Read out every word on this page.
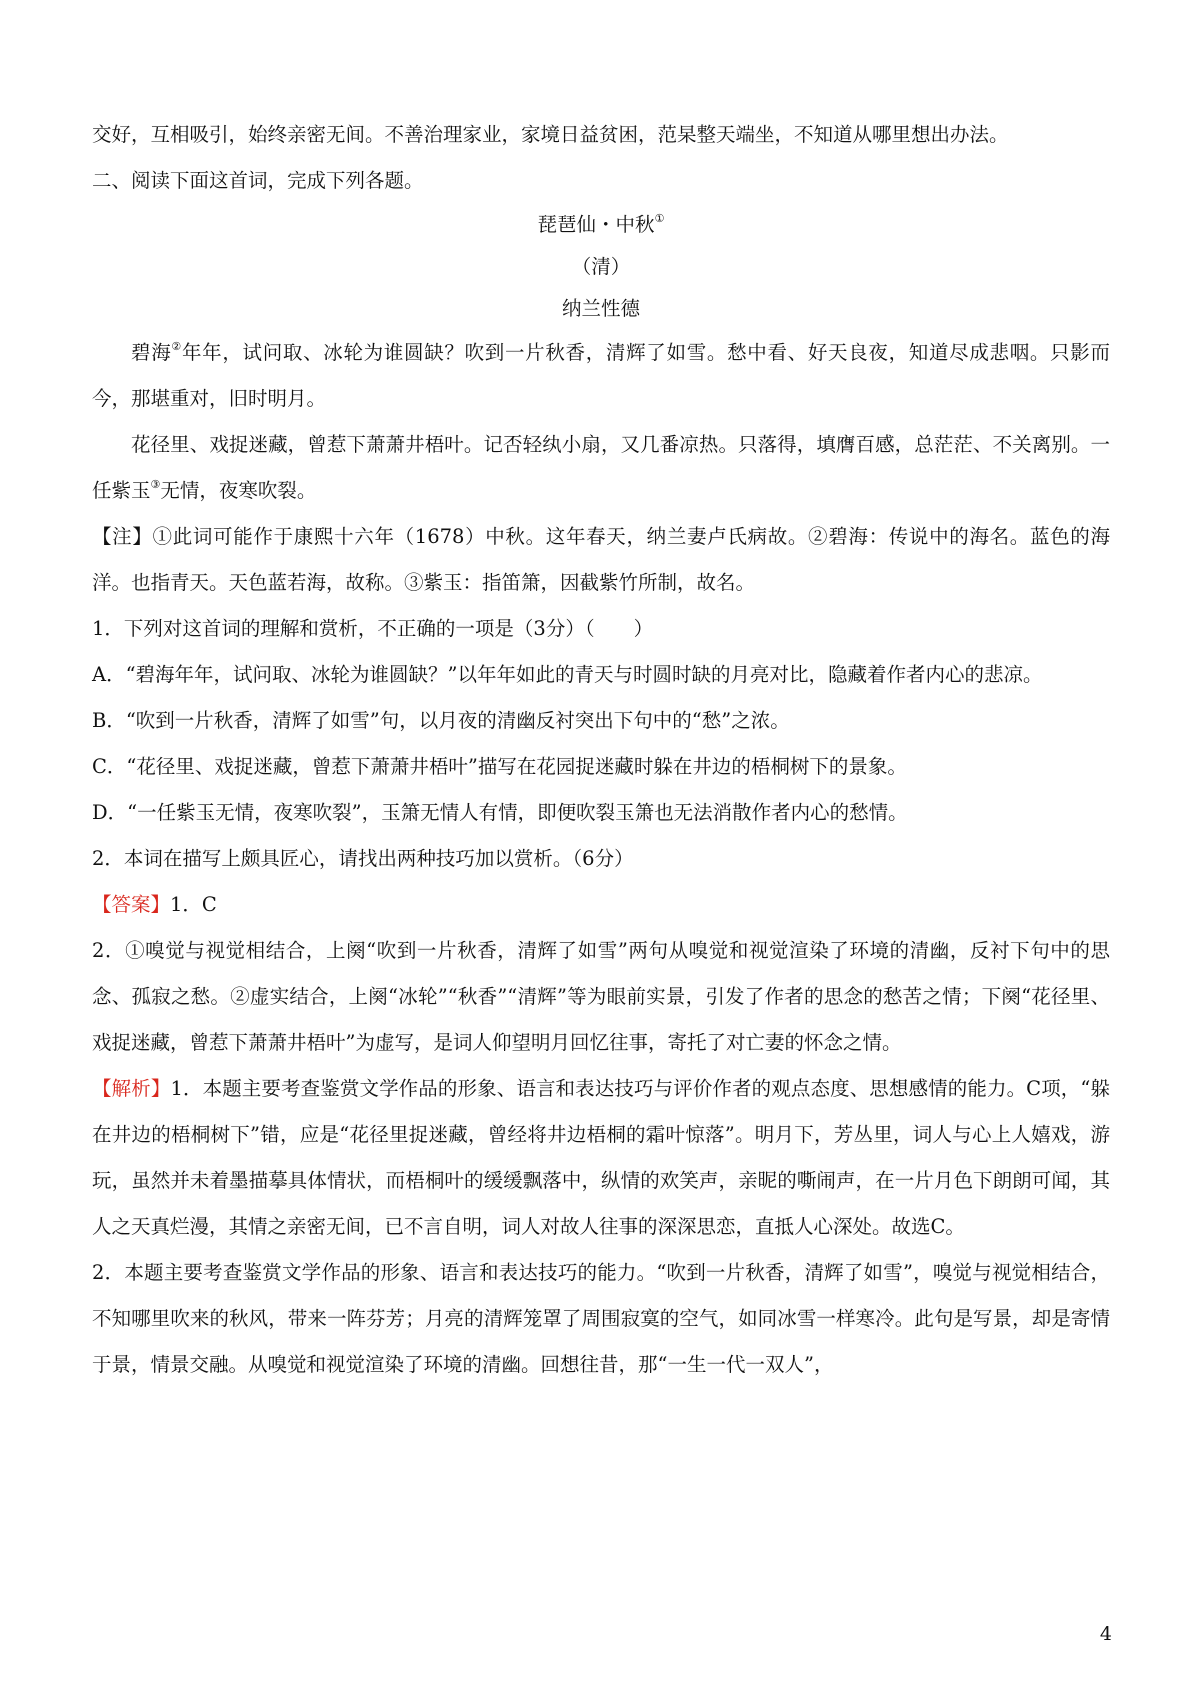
交好，互相吸引，始终亲密无间。不善治理家业，家境日益贫困，范杲整天端坐，不知道从哪里想出办法。

二、阅读下面这首词，完成下列各题。

琵琶仙・中秋①

（清）

纳兰性德

碧海②年年，试问取、冰轮为谁圆缺？吹到一片秋香，清辉了如雪。愁中看、好天良夜，知道尽成悲咽。只影而今，那堪重对，旧时明月。

花径里、戏捉迷藏，曾惹下萧萧井梧叶。记否轻纨小扇，又几番凉热。只落得，填膺百感，总茫茫、不关离别。一任紫玉③无情，夜寒吹裂。

【注】①此词可能作于康熙十六年（1678）中秋。这年春天，纳兰妻卢氏病故。②碧海：传说中的海名。蓝色的海洋。也指青天。天色蓝若海，故称。③紫玉：指笛箫，因截紫竹所制，故名。

1．下列对这首词的理解和赏析，不正确的一项是（3分）（　　）

A．“碧海年年，试问取、冰轮为谁圆缺？”以年年如此的青天与时圆时缺的月亮对比，隐藏着作者内心的悲凉。

B．“吹到一片秋香，清辉了如雪”句，以月夜的清幽反衬突出下句中的“愁”之浓。

C．“花径里、戏捉迷藏，曾惹下萧萧井梧叶”描写在花园捉迷藏时躲在井边的梧桐树下的景象。

D．“一任紫玉无情，夜寒吹裂”，玉箫无情人有情，即便吹裂玉箫也无法消散作者内心的愁情。

2．本词在描写上颇具匠心，请找出两种技巧加以赏析。（6分）

【答案】1．C

2．①嗅觉与视觉相结合，上阕“吹到一片秋香，清辉了如雪”两句从嗅觉和视觉渲染了环境的清幽，反衬下句中的思念、孤寂之愁。②虚实结合，上阕“冰轮”“秋香”“清辉”等为眼前实景，引发了作者的思念的愁苦之情；下阕“花径里、戏捉迷藏，曾惹下萧萧井梧叶”为虚写，是词人仰望明月回忆往事，寄托了对亡妻的怀念之情。

【解析】1．本题主要考查鉴赏文学作品的形象、语言和表达技巧与评价作者的观点态度、思想感情的能力。C项，“躲在井边的梧桐树下”错，应是“花径里捉迷藏，曾经将井边梧桐的霜叶惊落”。明月下，芳丛里，词人与心上人嬉戏，游玩，虽然并未着墨描摹具体情状，而梧桐叶的缓缓飘落中，纵情的欢笑声，亲昵的嘶闹声，在一片月色下朗朗可闻，其人之天真烂漫，其情之亲密无间，已不言自明，词人对故人往事的深深思恋，直抵人心深处。故选C。

2．本题主要考查鉴赏文学作品的形象、语言和表达技巧的能力。“吹到一片秋香，清辉了如雪”，嗅觉与视觉相结合，不知哪里吹来的秋风，带来一阵芬芳；月亮的清辉笼罩了周围寂寞的空气，如同冰雪一样寒冷。此句是写景，却是寄情于景，情景交融。从嗅觉和视觉渲染了环境的清幽。回想往昔，那“一生一代一双人”，

4
